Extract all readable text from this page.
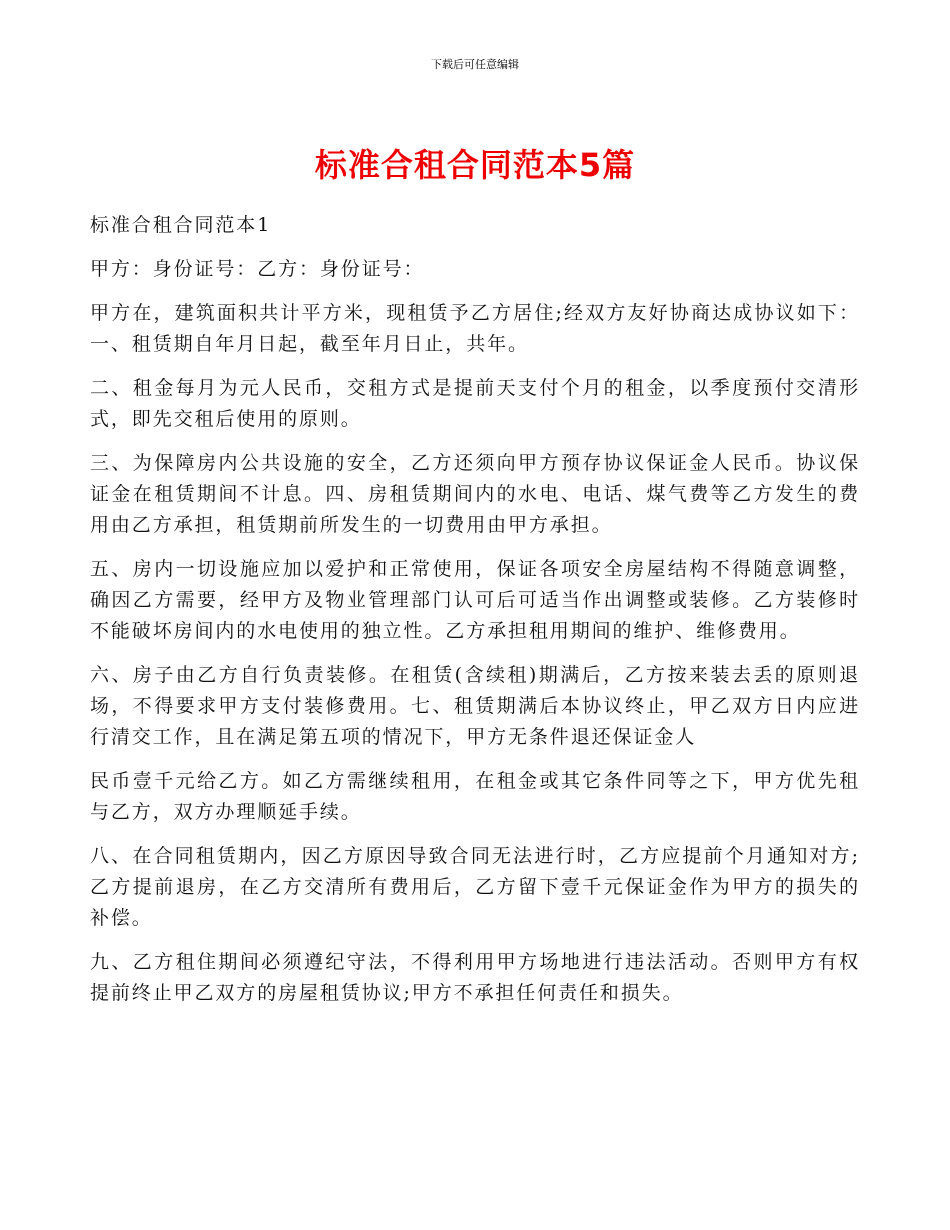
下载后可任意编辑
标准合租合同范本5篇

标准合租合同范本1

甲方：身份证号：乙方：身份证号：

甲方在，建筑面积共计平方米，现租赁予乙方居住;经双方友好协商达成协议如下：一、租赁期自年月日起，截至年月日止，共年。

二、租金每月为元人民币，交租方式是提前天支付个月的租金，以季度预付交清形式，即先交租后使用的原则。

三、为保障房内公共设施的安全，乙方还须向甲方预存协议保证金人民币。协议保证金在租赁期间不计息。四、房租赁期间内的水电、电话、煤气费等乙方发生的费用由乙方承担，租赁期前所发生的一切费用由甲方承担。

五、房内一切设施应加以爱护和正常使用，保证各项安全房屋结构不得随意调整，确因乙方需要，经甲方及物业管理部门认可后可适当作出调整或装修。乙方装修时不能破坏房间内的水电使用的独立性。乙方承担租用期间的维护、维修费用。

六、房子由乙方自行负责装修。在租赁(含续租)期满后，乙方按来装去丢的原则退场，不得要求甲方支付装修费用。七、租赁期满后本协议终止，甲乙双方日内应进行清交工作，且在满足第五项的情况下，甲方无条件退还保证金人

民币壹千元给乙方。如乙方需继续租用，在租金或其它条件同等之下，甲方优先租与乙方，双方办理顺延手续。

八、在合同租赁期内，因乙方原因导致合同无法进行时，乙方应提前个月通知对方;乙方提前退房，在乙方交清所有费用后，乙方留下壹千元保证金作为甲方的损失的补偿。

九、乙方租住期间必须遵纪守法，不得利用甲方场地进行违法活动。否则甲方有权提前终止甲乙双方的房屋租赁协议;甲方不承担任何责任和损失。
